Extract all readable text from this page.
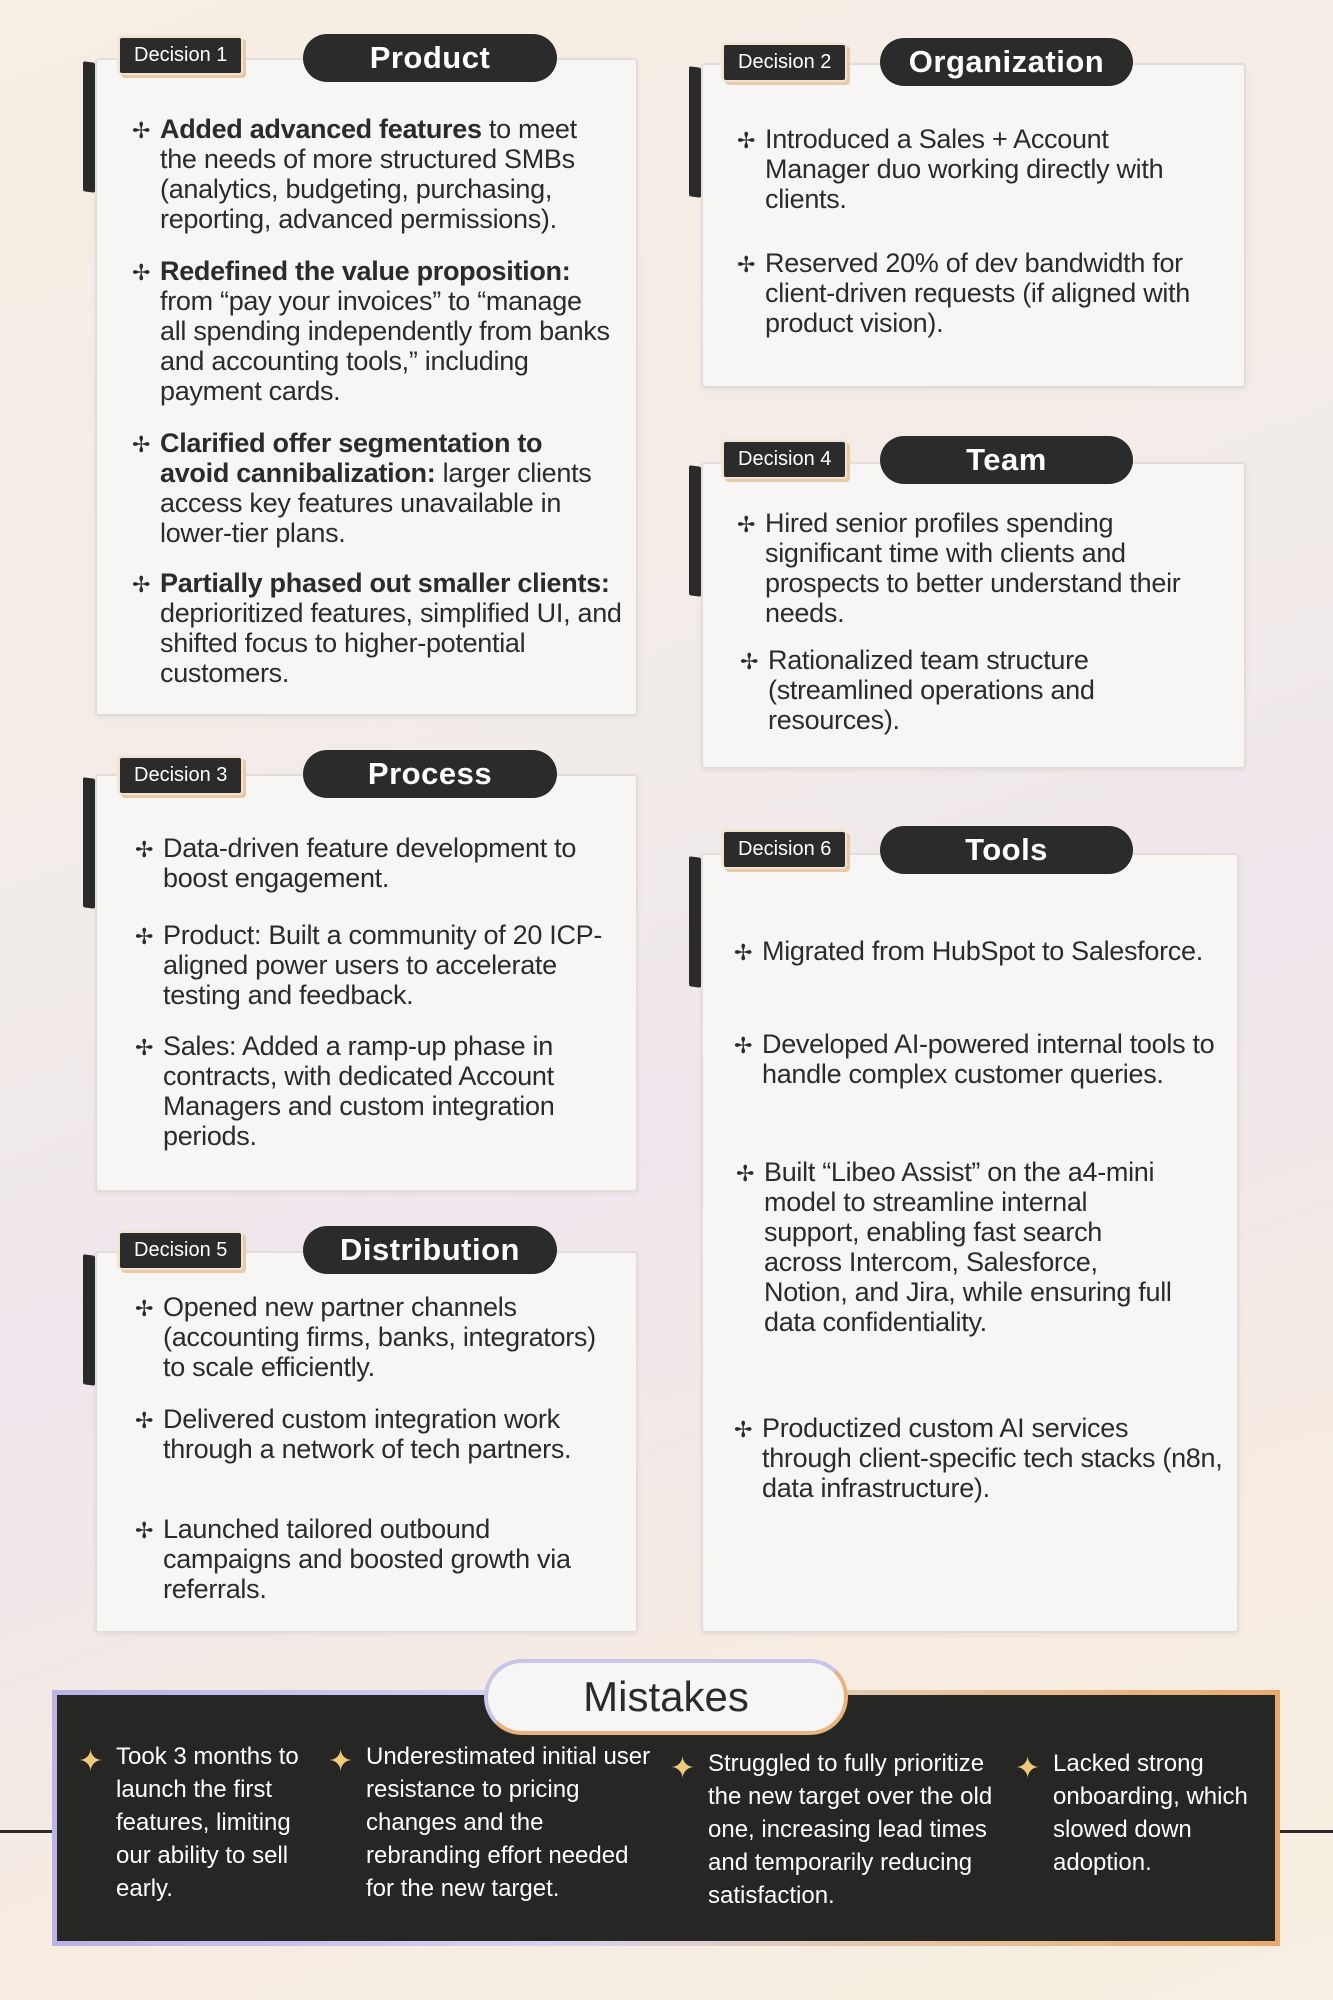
Decision 1	Product
✢ Added advanced features to meet the needs of more structured SMBs (analytics, budgeting, purchasing, reporting, advanced permissions).
✢ Redefined the value proposition: from “pay your invoices” to “manage all spending independently from banks and accounting tools,” including payment cards.
✢ Clarified offer segmentation to avoid cannibalization: larger clients access key features unavailable in lower-tier plans.
✢ Partially phased out smaller clients: deprioritized features, simplified UI, and shifted focus to higher-potential customers.
Decision 2	Organization
✢ Introduced a Sales + Account Manager duo working directly with clients.
✢ Reserved 20% of dev bandwidth for client-driven requests (if aligned with product vision).
Decision 3	Process
✢ Data-driven feature development to boost engagement.
✢ Product: Built a community of 20 ICP-aligned power users to accelerate testing and feedback.
✢ Sales: Added a ramp-up phase in contracts, with dedicated Account Managers and custom integration periods.
Decision 4	Team
✢ Hired senior profiles spending significant time with clients and prospects to better understand their needs.
✢ Rationalized team structure (streamlined operations and resources).
Decision 5	Distribution
✢ Opened new partner channels (accounting firms, banks, integrators) to scale efficiently.
✢ Delivered custom integration work through a network of tech partners.
✢ Launched tailored outbound campaigns and boosted growth via referrals.
Decision 6	Tools
✢ Migrated from HubSpot to Salesforce.
✢ Developed AI-powered internal tools to handle complex customer queries.
✢ Built “Libeo Assist” on the a4-mini model to streamline internal support, enabling fast search across Intercom, Salesforce, Notion, and Jira, while ensuring full data confidentiality.
✢ Productized custom AI services through client-specific tech stacks (n8n, data infrastructure).
Mistakes
✦ Took 3 months to launch the first features, limiting our ability to sell early.
✦ Underestimated initial user resistance to pricing changes and the rebranding effort needed for the new target.
✦ Struggled to fully prioritize the new target over the old one, increasing lead times and temporarily reducing satisfaction.
✦ Lacked strong onboarding, which slowed down adoption.
